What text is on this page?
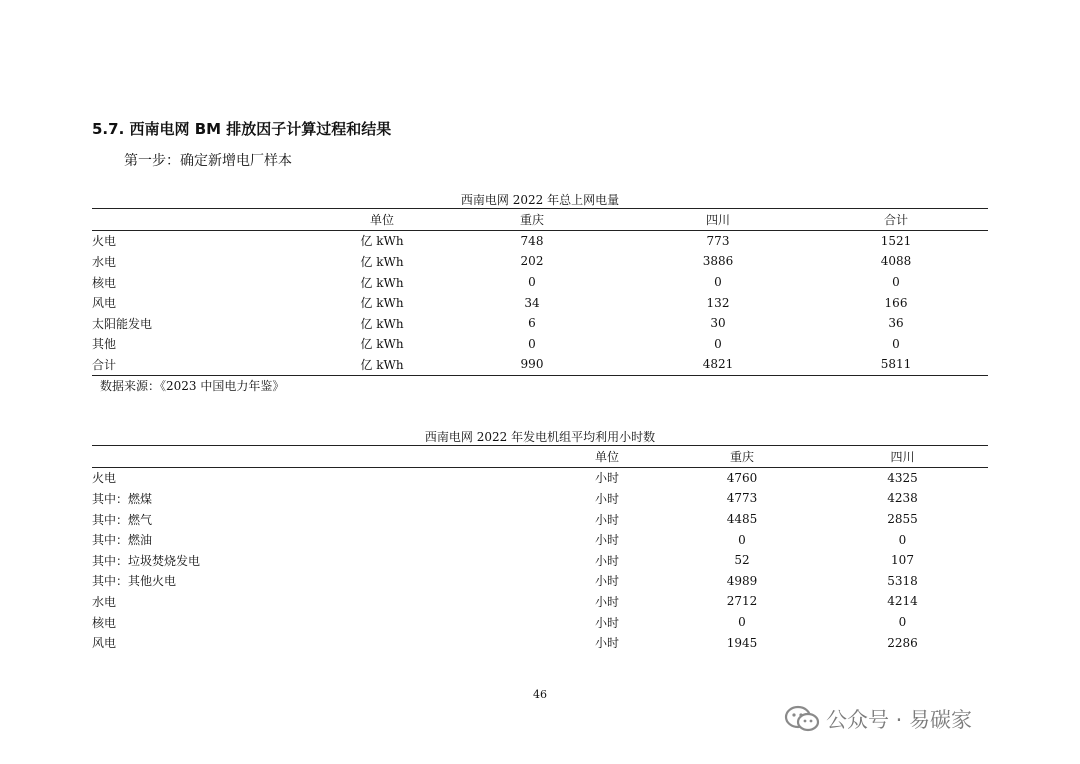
5.7. 西南电网 BM 排放因子计算过程和结果
第一步：确定新增电厂样本
西南电网 2022 年总上网电量
	单位	重庆	四川	合计
火电	亿 kWh	748	773	1521
水电	亿 kWh	202	3886	4088
核电	亿 kWh	0	0	0
风电	亿 kWh	34	132	166
太阳能发电	亿 kWh	6	30	36
其他	亿 kWh	0	0	0
合计	亿 kWh	990	4821	5811
数据来源：《2023 中国电力年鉴》
西南电网 2022 年发电机组平均利用小时数
	单位	重庆	四川
火电	小时	4760	4325
其中：燃煤	小时	4773	4238
其中：燃气	小时	4485	2855
其中：燃油	小时	0	0
其中：垃圾焚烧发电	小时	52	107
其中：其他火电	小时	4989	5318
水电	小时	2712	4214
核电	小时	0	0
风电	小时	1945	2286
46
公众号 · 易碳家
